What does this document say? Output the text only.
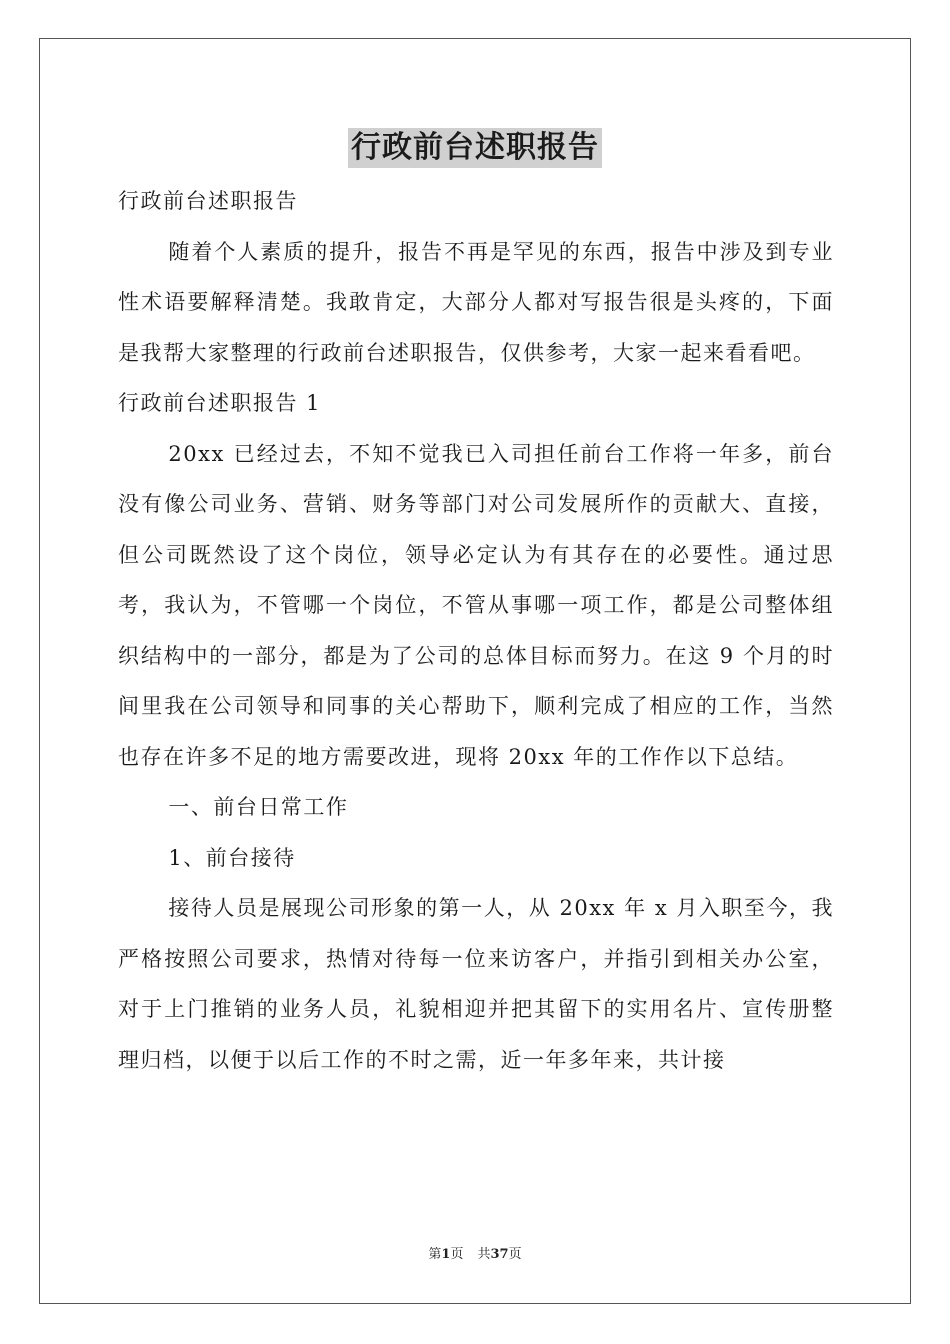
行政前台述职报告

行政前台述职报告

随着个人素质的提升，报告不再是罕见的东西，报告中涉及到专业性术语要解释清楚。我敢肯定，大部分人都对写报告很是头疼的，下面是我帮大家整理的行政前台述职报告，仅供参考，大家一起来看看吧。

行政前台述职报告 1

20xx 已经过去，不知不觉我已入司担任前台工作将一年多，前台没有像公司业务、营销、财务等部门对公司发展所作的贡献大、直接，但公司既然设了这个岗位，领导必定认为有其存在的必要性。通过思考，我认为，不管哪一个岗位，不管从事哪一项工作，都是公司整体组织结构中的一部分，都是为了公司的总体目标而努力。在这 9 个月的时间里我在公司领导和同事的关心帮助下，顺利完成了相应的工作，当然也存在许多不足的地方需要改进，现将 20xx 年的工作作以下总结。

一、前台日常工作

1、前台接待

接待人员是展现公司形象的第一人，从 20xx 年 x 月入职至今，我严格按照公司要求，热情对待每一位来访客户，并指引到相关办公室，对于上门推销的业务人员，礼貌相迎并把其留下的实用名片、宣传册整理归档，以便于以后工作的不时之需，近一年多年来，共计接

第1页 共37页
